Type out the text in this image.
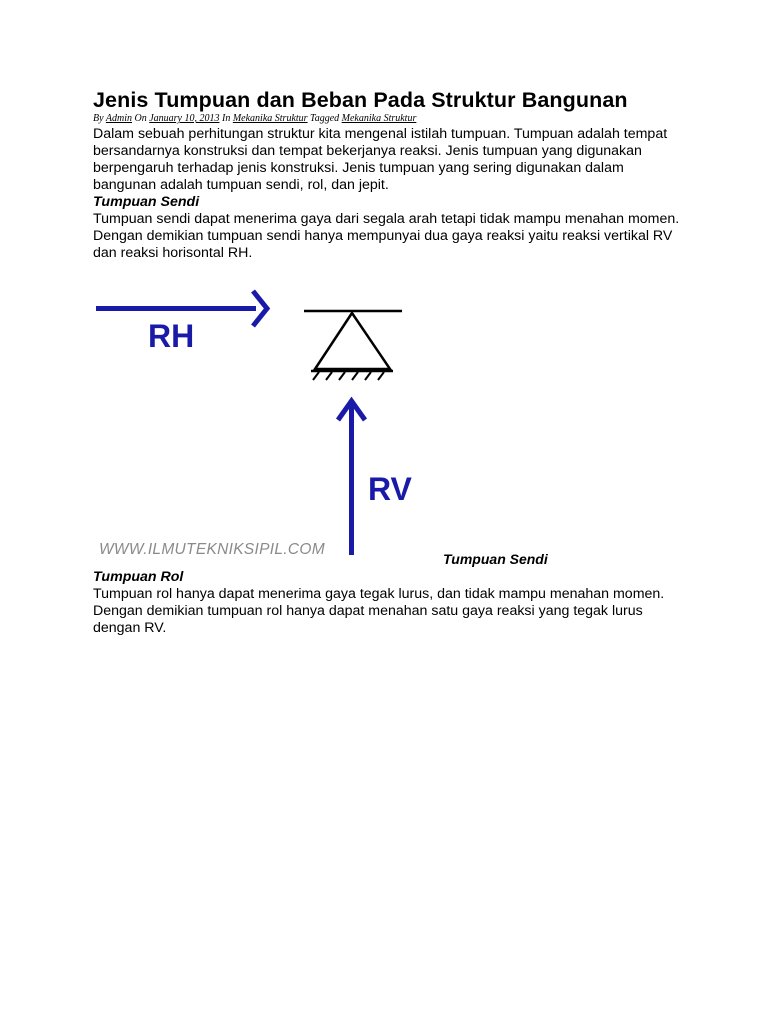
Jenis Tumpuan dan Beban Pada Struktur Bangunan

By Admin On January 10, 2013 In Mekanika Struktur Tagged Mekanika Struktur

Dalam sebuah perhitungan struktur kita mengenal istilah tumpuan. Tumpuan adalah tempat bersandarnya konstruksi dan tempat bekerjanya reaksi. Jenis tumpuan yang digunakan berpengaruh terhadap jenis konstruksi. Jenis tumpuan yang sering digunakan dalam bangunan adalah tumpuan sendi, rol, dan jepit.

Tumpuan Sendi

Tumpuan sendi dapat menerima gaya dari segala arah tetapi tidak mampu menahan momen. Dengan demikian tumpuan sendi hanya mempunyai dua gaya reaksi yaitu reaksi vertikal RV dan reaksi horisontal RH.

RH
RV
WWW.ILMUTEKNIKSIPIL.COM
Tumpuan Sendi

Tumpuan Rol

Tumpuan rol hanya dapat menerima gaya tegak lurus, dan tidak mampu menahan momen. Dengan demikian tumpuan rol hanya dapat menahan satu gaya reaksi yang tegak lurus dengan RV.
